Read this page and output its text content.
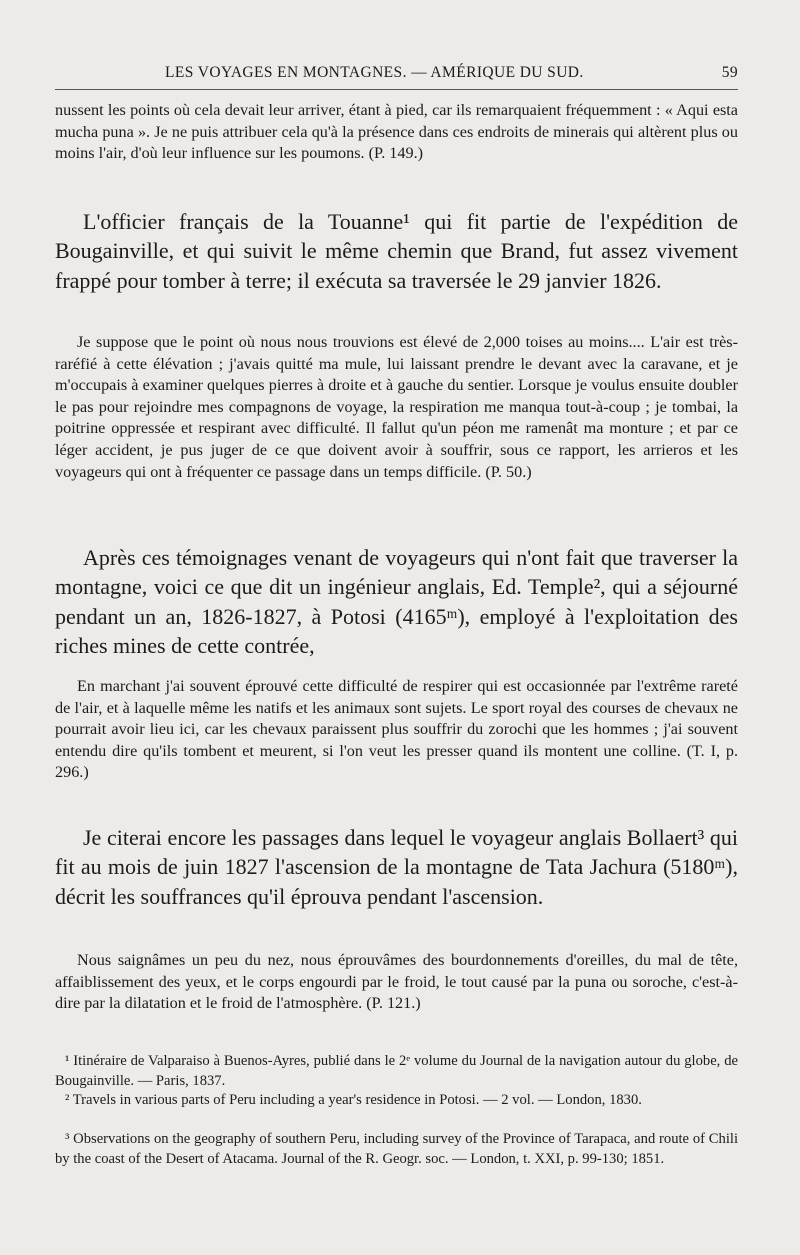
LES VOYAGES EN MONTAGNES. — AMÉRIQUE DU SUD.	59

nussent les points où cela devait leur arriver, étant à pied, car ils remarquaient fréquemment : « Aqui esta mucha puna ». Je ne puis attribuer cela qu'à la présence dans ces endroits de minerais qui altèrent plus ou moins l'air, d'où leur influence sur les poumons. (P. 149.)

L'officier français de la Touanne¹ qui fit partie de l'expédition de Bougainville, et qui suivit le même chemin que Brand, fut assez vivement frappé pour tomber à terre; il exécuta sa traversée le 29 janvier 1826.

Je suppose que le point où nous nous trouvions est élevé de 2,000 toises au moins.... L'air est très-raréfié à cette élévation ; j'avais quitté ma mule, lui laissant prendre le devant avec la caravane, et je m'occupais à examiner quelques pierres à droite et à gauche du sentier. Lorsque je voulus ensuite doubler le pas pour rejoindre mes compagnons de voyage, la respiration me manqua tout-à-coup ; je tombai, la poitrine oppressée et respirant avec difficulté. Il fallut qu'un péon me ramenât ma monture ; et par ce léger accident, je pus juger de ce que doivent avoir à souffrir, sous ce rapport, les arrieros et les voyageurs qui ont à fréquenter ce passage dans un temps difficile. (P. 50.)

Après ces témoignages venant de voyageurs qui n'ont fait que traverser la montagne, voici ce que dit un ingénieur anglais, Ed. Temple², qui a séjourné pendant un an, 1826-1827, à Potosi (4165ᵐ), employé à l'exploitation des riches mines de cette contrée,

En marchant j'ai souvent éprouvé cette difficulté de respirer qui est occasionnée par l'extrême rareté de l'air, et à laquelle même les natifs et les animaux sont sujets. Le sport royal des courses de chevaux ne pourrait avoir lieu ici, car les chevaux paraissent plus souffrir du zorochi que les hommes ; j'ai souvent entendu dire qu'ils tombent et meurent, si l'on veut les presser quand ils montent une colline. (T. I, p. 296.)

Je citerai encore les passages dans lequel le voyageur anglais Bollaert³ qui fit au mois de juin 1827 l'ascension de la montagne de Tata Jachura (5180ᵐ), décrit les souffrances qu'il éprouva pendant l'ascension.

Nous saignâmes un peu du nez, nous éprouvâmes des bourdonnements d'oreilles, du mal de tête, affaiblissement des yeux, et le corps engourdi par le froid, le tout causé par la puna ou soroche, c'est-à-dire par la dilatation et le froid de l'atmosphère. (P. 121.)

¹ Itinéraire de Valparaiso à Buenos-Ayres, publié dans le 2ᵉ volume du Journal de la navigation autour du globe, de Bougainville. — Paris, 1837.

² Travels in various parts of Peru including a year's residence in Potosi. — 2 vol. — London, 1830.

³ Observations on the geography of southern Peru, including survey of the Province of Tarapaca, and route of Chili by the coast of the Desert of Atacama. Journal of the R. Geogr. soc. — London, t. XXI, p. 99-130; 1851.
